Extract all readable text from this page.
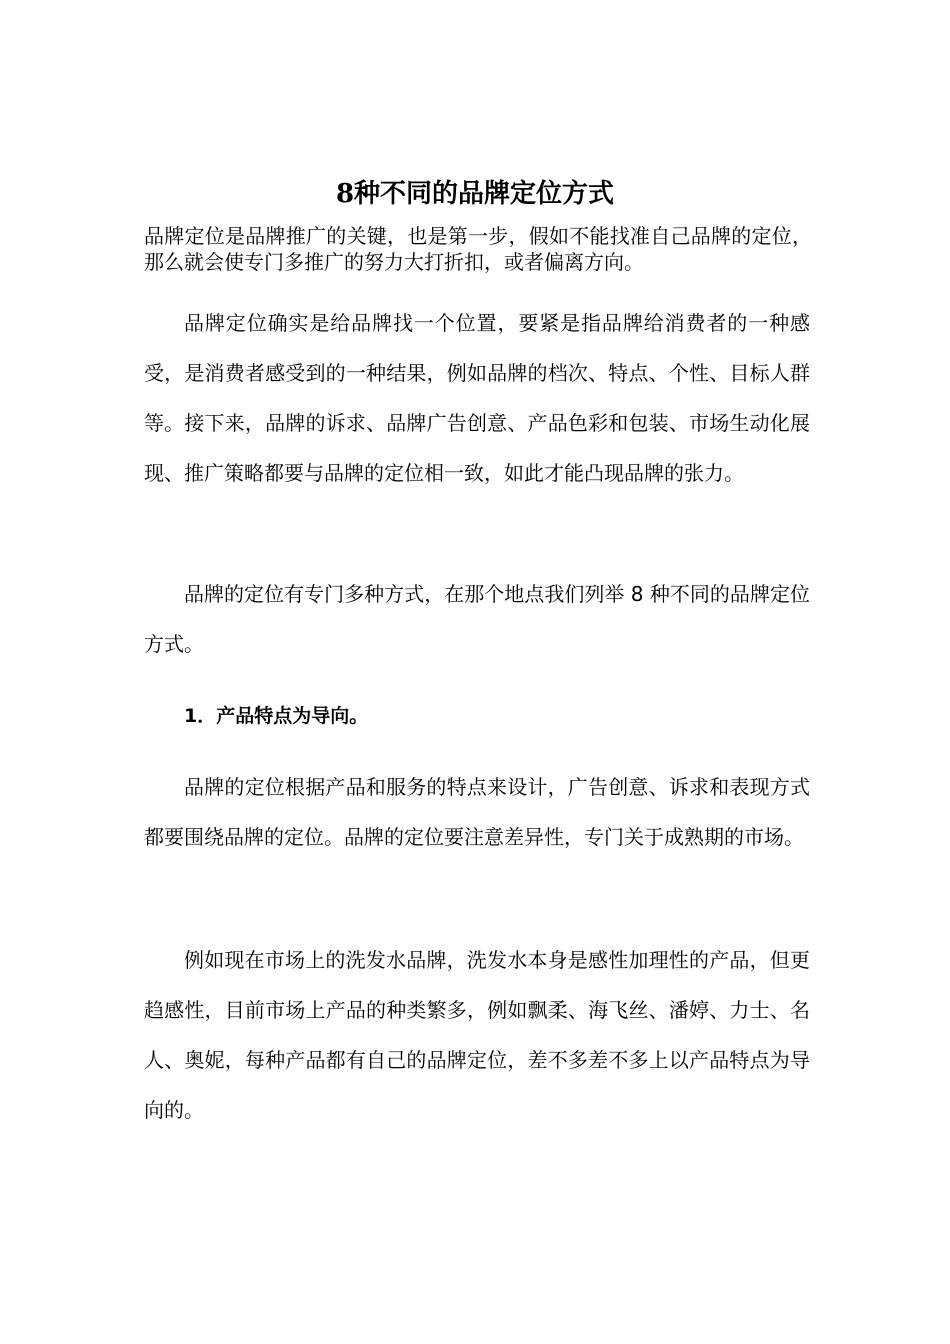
8种不同的品牌定位方式

品牌定位是品牌推广的关键，也是第一步，假如不能找准自己品牌的定位，那么就会使专门多推广的努力大打折扣，或者偏离方向。

品牌定位确实是给品牌找一个位置，要紧是指品牌给消费者的一种感受，是消费者感受到的一种结果，例如品牌的档次、特点、个性、目标人群等。接下来，品牌的诉求、品牌广告创意、产品色彩和包装、市场生动化展现、推广策略都要与品牌的定位相一致，如此才能凸现品牌的张力。

品牌的定位有专门多种方式，在那个地点我们列举 8 种不同的品牌定位方式。

1．产品特点为导向。

品牌的定位根据产品和服务的特点来设计，广告创意、诉求和表现方式都要围绕品牌的定位。品牌的定位要注意差异性，专门关于成熟期的市场。

例如现在市场上的洗发水品牌，洗发水本身是感性加理性的产品，但更趋感性，目前市场上产品的种类繁多，例如飘柔、海飞丝、潘婷、力士、名人、奥妮，每种产品都有自己的品牌定位，差不多差不多上以产品特点为导向的。
